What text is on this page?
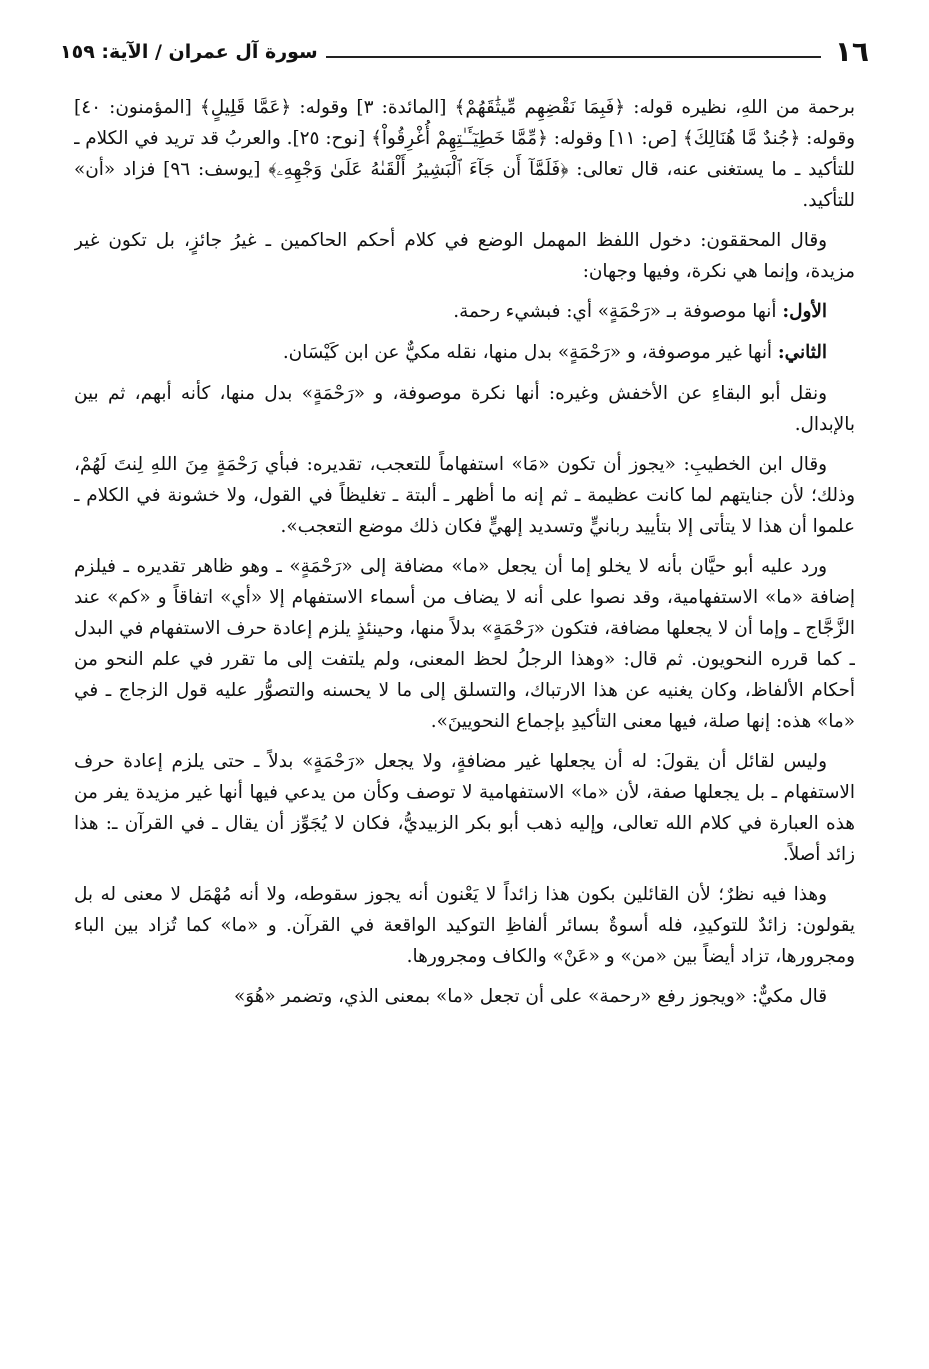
١٦
سورة آل عمران / الآية: ١٥٩

برحمة من اللهِ، نظيره قوله: ﴿فَبِمَا نَقْضِهِم مِّيثَٰقَهُمْ﴾ [المائدة: ٣] وقوله: ﴿عَمَّا قَلِيلٍ﴾ [المؤمنون: ٤٠] وقوله: ﴿جُندٌ مَّا هُنَالِكَ﴾ [ص: ١١] وقوله: ﴿مِّمَّا خَطِيٓـَٔـٰتِهِمْ أُغْرِقُواْ﴾ [نوح: ٢٥]. والعربُ قد تريد في الكلام ـ للتأكيد ـ ما يستغنى عنه، قال تعالى: ﴿فَلَمَّآ أَن جَآءَ ٱلْبَشِيرُ أَلْقَىٰهُ عَلَىٰ وَجْهِهِۦ﴾ [يوسف: ٩٦] فزاد «أن» للتأكيد.

وقال المحققون: دخول اللفظ المهمل الوضع في كلام أحكم الحاكمين ـ غيرُ جائزٍ، بل تكون غير مزيدة، وإنما هي نكرة، وفيها وجهان:

الأول: أنها موصوفة بـ «رَحْمَةٍ» أي: فبشيء رحمة.

الثاني: أنها غير موصوفة، و «رَحْمَةٍ» بدل منها، نقله مكيٌّ عن ابن كَيْسَان.

ونقل أبو البقاءِ عن الأخفش وغيره: أنها نكرة موصوفة، و «رَحْمَةٍ» بدل منها، كأنه أبهم، ثم بين بالإبدال.

وقال ابن الخطيبِ: «يجوز أن تكون «مَا» استفهاماً للتعجب، تقديره: فبأي رَحْمَةٍ مِنَ اللهِ لِنتَ لَهُمْ، وذلك؛ لأن جنايتهم لما كانت عظيمة ـ ثم إنه ما أظهر ـ ألبتة ـ تغليظاً في القول، ولا خشونة في الكلام ـ علموا أن هذا لا يتأتى إلا بتأييد ربانيٍّ وتسديد إلهيٍّ فكان ذلك موضع التعجب».

ورد عليه أبو حيَّان بأنه لا يخلو إما أن يجعل «ما» مضافة إلى «رَحْمَةٍ» ـ وهو ظاهر تقديره ـ فيلزم إضافة «ما» الاستفهامية، وقد نصوا على أنه لا يضاف من أسماء الاستفهام إلا «أي» اتفاقاً و «كم» عند الزَّجَّاج ـ وإما أن لا يجعلها مضافة، فتكون «رَحْمَةٍ» بدلاً منها، وحينئذٍ يلزم إعادة حرف الاستفهام في البدل ـ كما قرره النحويون. ثم قال: «وهذا الرجلُ لحظ المعنى، ولم يلتفت إلى ما تقرر في علم النحو من أحكام الألفاظ، وكان يغنيه عن هذا الارتباك، والتسلق إلى ما لا يحسنه والتصوُّر عليه قول الزجاج ـ في «ما» هذه: إنها صلة، فيها معنى التأكيدِ بإجماع النحويينَ».

وليس لقائل أن يقولَ: له أن يجعلها غير مضافةٍ، ولا يجعل «رَحْمَةٍ» بدلاً ـ حتى يلزم إعادة حرف الاستفهام ـ بل يجعلها صفة، لأن «ما» الاستفهامية لا توصف وكأن من يدعي فيها أنها غير مزيدة يفر من هذه العبارة في كلام الله تعالى، وإليه ذهب أبو بكر الزبيديُّ، فكان لا يُجَوِّز أن يقال ـ في القرآن ـ: هذا زائد أصلاً.

وهذا فيه نظرٌ؛ لأن القائلين بكون هذا زائداً لا يَعْنون أنه يجوز سقوطه، ولا أنه مُهْمَل لا معنى له بل يقولون: زائدٌ للتوكيدِ، فله أسوةٌ بسائر ألفاظِ التوكيد الواقعة في القرآن. و «ما» كما تُزاد بين الباء ومجرورها، تزاد أيضاً بين «من» و «عَنْ» والكاف ومجرورها.

قال مكيٌّ: «ويجوز رفع «رحمة» على أن تجعل «ما» بمعنى الذي، وتضمر «هُوَ»
